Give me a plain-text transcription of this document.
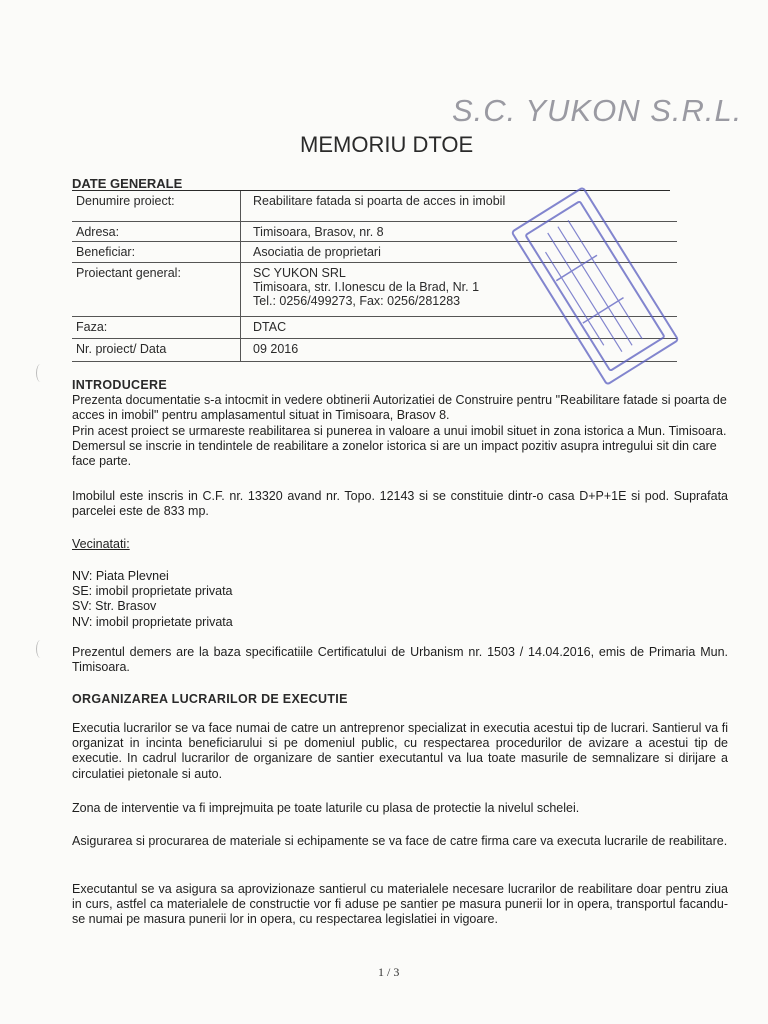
S.C. YUKON S.R.L.
MEMORIU DTOE
DATE GENERALE
Denumire proiect:	Reabilitare fatada si poarta de acces in imobil

Adresa:	Timisoara, Brasov, nr. 8

Beneficiar:	Asociatia de proprietari

Proiectant general:	SC YUKON SRL
Timisoara, str. I.Ionescu de la Brad, Nr. 1
Tel.: 0256/499273, Fax: 0256/281283

Faza:	DTAC

Nr. proiect/ Data	09 2016
INTRODUCERE
Prezenta documentatie s-a intocmit in vedere obtinerii Autorizatiei de Construire pentru "Reabilitare fatade si poarta de acces in imobil" pentru amplasamentul situat in Timisoara, Brasov 8.
Prin acest proiect se urmareste reabilitarea si punerea in valoare a unui imobil situet in zona istorica a Mun. Timisoara. Demersul se inscrie in tendintele de reabilitare a zonelor istorica si are un impact pozitiv asupra intregului sit din care face parte.
Imobilul este inscris in C.F. nr. 13320 avand nr. Topo. 12143 si se constituie dintr-o casa D+P+1E si pod. Suprafata parcelei este de 833 mp.
Vecinatati:
NV: Piata Plevnei
SE: imobil proprietate privata
SV: Str. Brasov
NV: imobil proprietate privata
Prezentul demers are la baza specificatiile Certificatului de Urbanism nr. 1503 / 14.04.2016, emis de Primaria Mun. Timisoara.
ORGANIZAREA LUCRARILOR DE EXECUTIE
Executia lucrarilor se va face numai de catre un antreprenor specializat in executia acestui tip de lucrari. Santierul va fi organizat in incinta beneficiarului si pe domeniul public, cu respectarea procedurilor de avizare a acestui tip de executie. In cadrul lucrarilor de organizare de santier executantul va lua toate masurile de semnalizare si dirijare a circulatiei pietonale si auto.
Zona de interventie va fi imprejmuita pe toate laturile cu plasa de protectie la nivelul schelei.
Asigurarea si procurarea de materiale si echipamente se va face de catre firma care va executa lucrarile de reabilitare.
Executantul se va asigura sa aprovizionaze santierul cu materialele necesare lucrarilor de reabilitare doar pentru ziua in curs, astfel ca materialele de constructie vor fi aduse pe santier pe masura punerii lor in opera, transportul facandu-se numai pe masura punerii lor in opera, cu respectarea legislatiei in vigoare.
1 / 3
